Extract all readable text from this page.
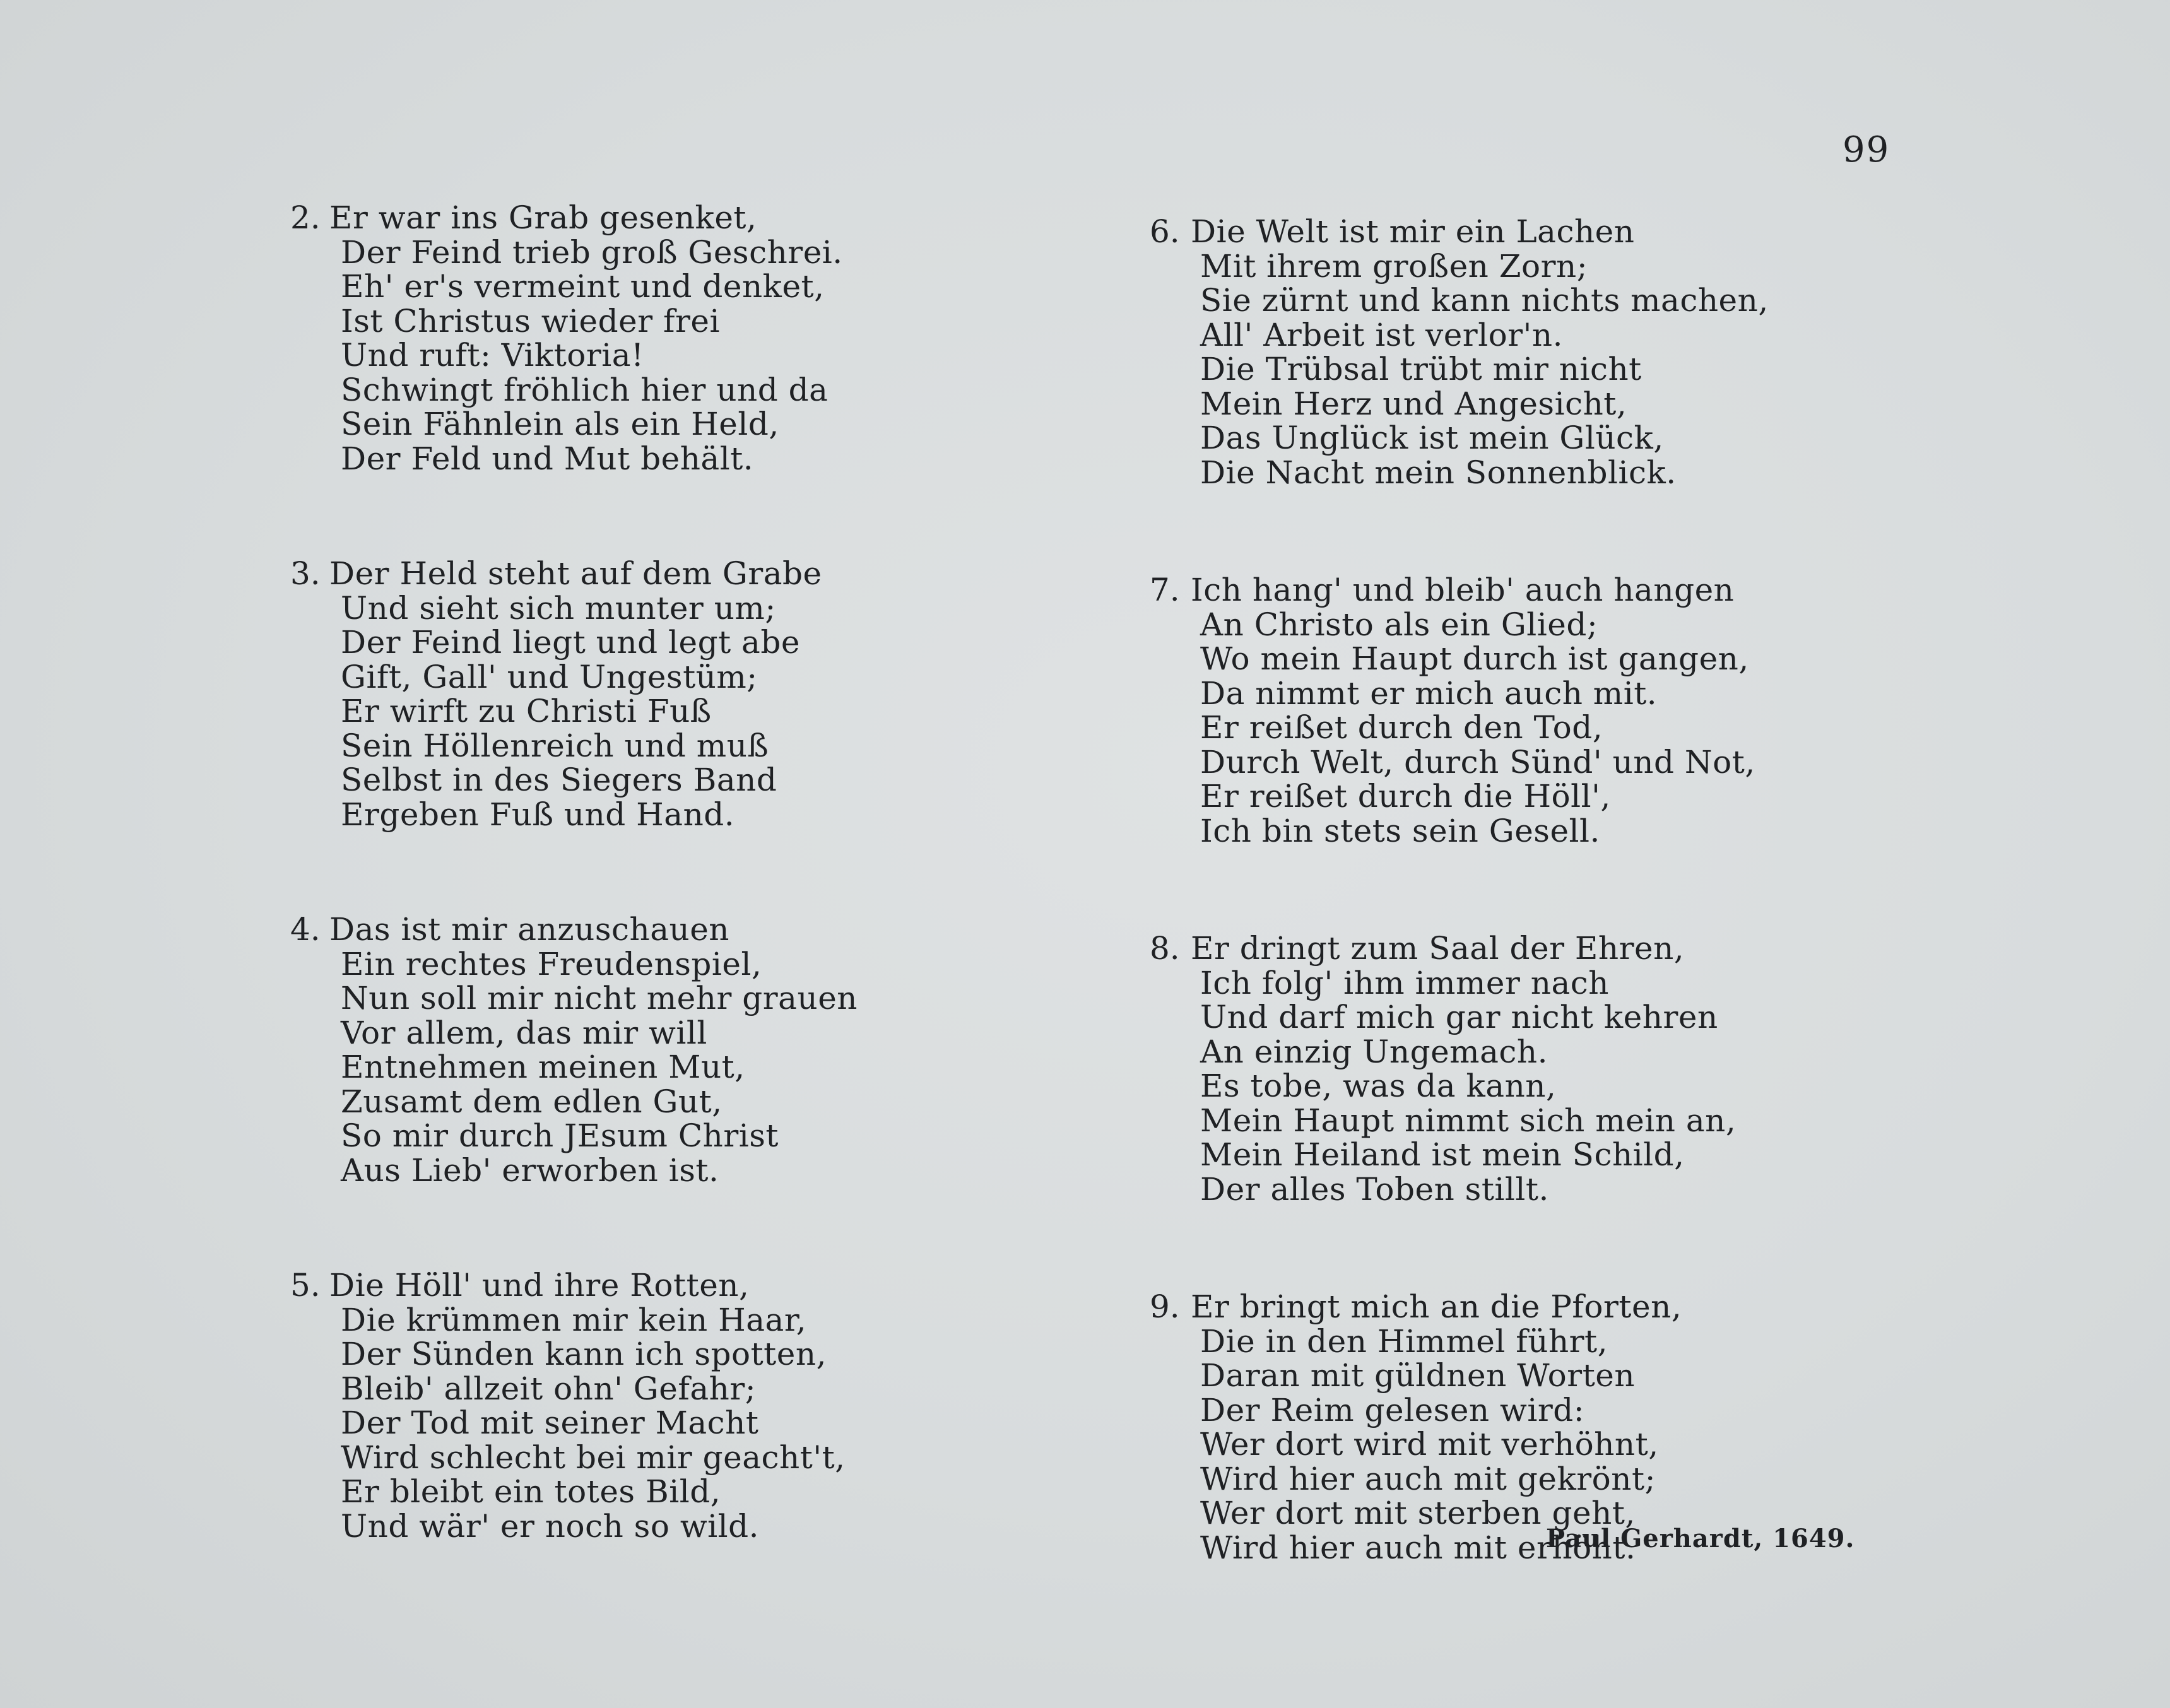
99
2. Er war ins Grab gesenket,
Der Feind trieb groß Geschrei.
Eh' er's vermeint und denket,
Ist Christus wieder frei
Und ruft: Viktoria!
Schwingt fröhlich hier und da
Sein Fähnlein als ein Held,
Der Feld und Mut behält.
3. Der Held steht auf dem Grabe
Und sieht sich munter um;
Der Feind liegt und legt abe
Gift, Gall' und Ungestüm;
Er wirft zu Christi Fuß
Sein Höllenreich und muß
Selbst in des Siegers Band
Ergeben Fuß und Hand.
4. Das ist mir anzuschauen
Ein rechtes Freudenspiel,
Nun soll mir nicht mehr grauen
Vor allem, das mir will
Entnehmen meinen Mut,
Zusamt dem edlen Gut,
So mir durch JEsum Christ
Aus Lieb' erworben ist.
5. Die Höll' und ihre Rotten,
Die krümmen mir kein Haar,
Der Sünden kann ich spotten,
Bleib' allzeit ohn' Gefahr;
Der Tod mit seiner Macht
Wird schlecht bei mir geacht't,
Er bleibt ein totes Bild,
Und wär' er noch so wild.
6. Die Welt ist mir ein Lachen
Mit ihrem großen Zorn;
Sie zürnt und kann nichts machen,
All' Arbeit ist verlor'n.
Die Trübsal trübt mir nicht
Mein Herz und Angesicht,
Das Unglück ist mein Glück,
Die Nacht mein Sonnenblick.
7. Ich hang' und bleib' auch hangen
An Christo als ein Glied;
Wo mein Haupt durch ist gangen,
Da nimmt er mich auch mit.
Er reißet durch den Tod,
Durch Welt, durch Sünd' und Not,
Er reißet durch die Höll',
Ich bin stets sein Gesell.
8. Er dringt zum Saal der Ehren,
Ich folg' ihm immer nach
Und darf mich gar nicht kehren
An einzig Ungemach.
Es tobe, was da kann,
Mein Haupt nimmt sich mein an,
Mein Heiland ist mein Schild,
Der alles Toben stillt.
9. Er bringt mich an die Pforten,
Die in den Himmel führt,
Daran mit güldnen Worten
Der Reim gelesen wird:
Wer dort wird mit verhöhnt,
Wird hier auch mit gekrönt;
Wer dort mit sterben geht,
Wird hier auch mit erhöht.
Paul Gerhardt, 1649.
